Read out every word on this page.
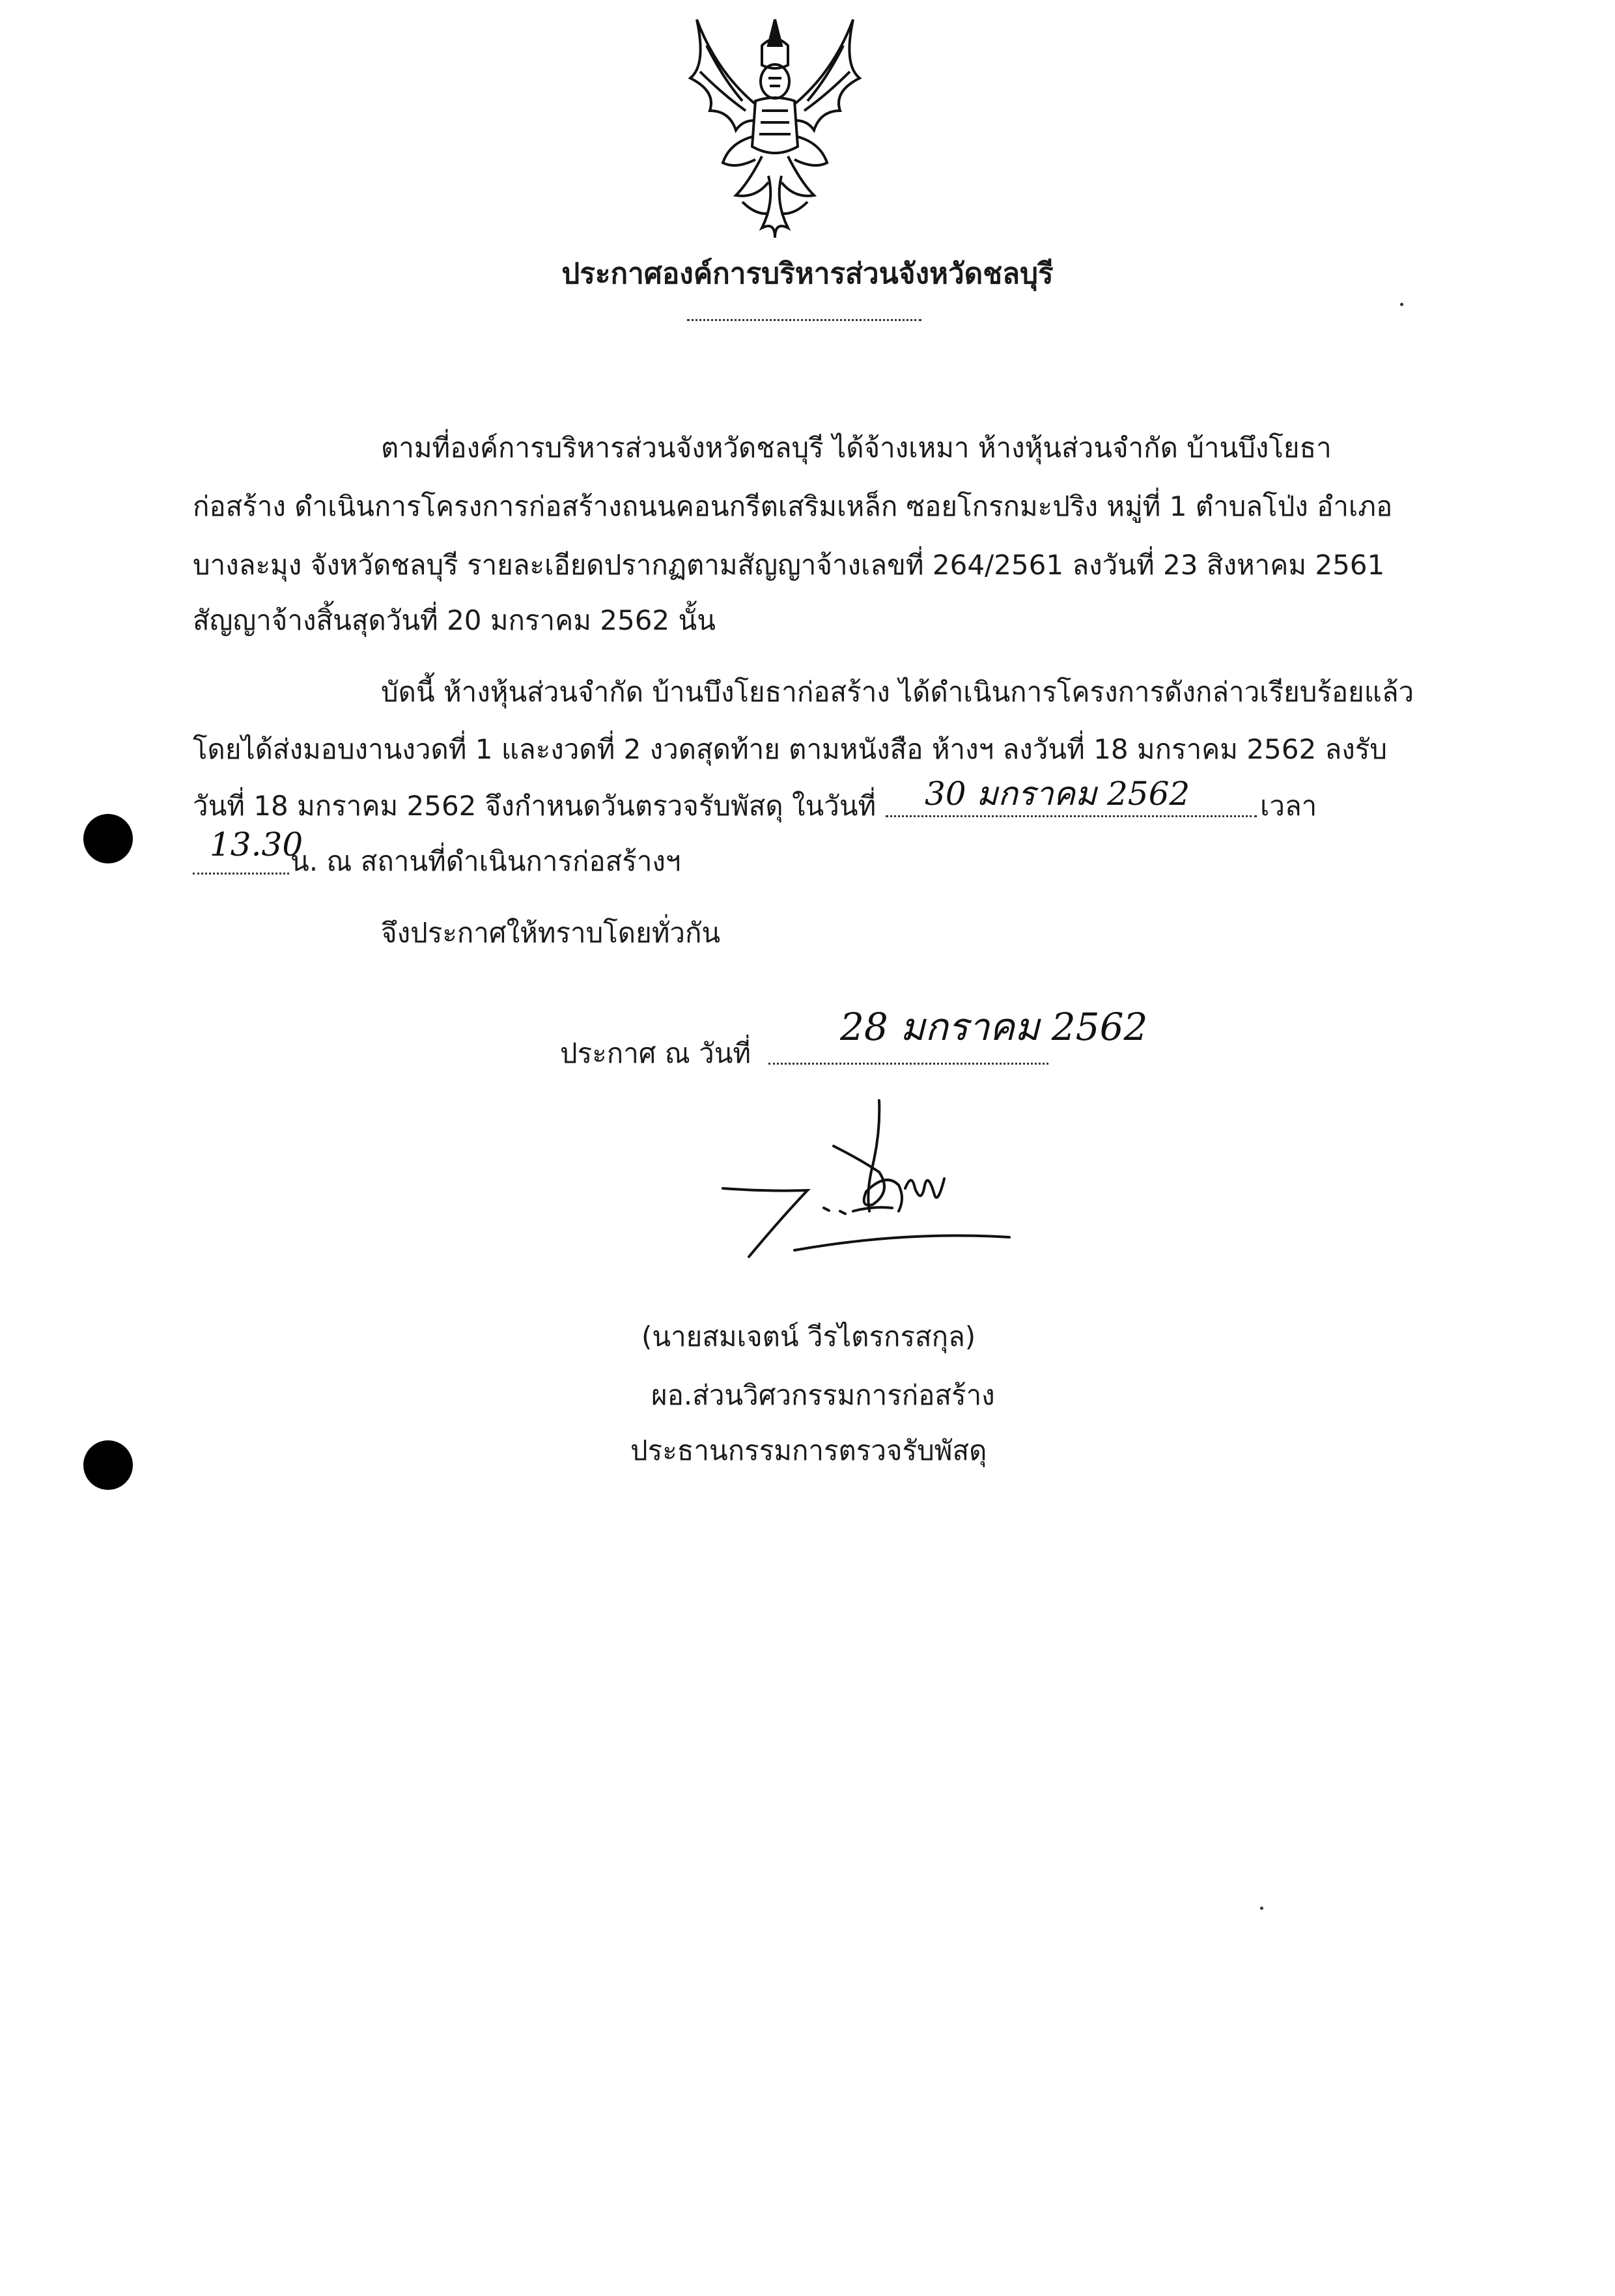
ประกาศองค์การบริหารส่วนจังหวัดชลบุรี
ตามที่องค์การบริหารส่วนจังหวัดชลบุรี ได้จ้างเหมา ห้างหุ้นส่วนจำกัด บ้านบึงโยธา
ก่อสร้าง ดำเนินการโครงการก่อสร้างถนนคอนกรีตเสริมเหล็ก ซอยโกรกมะปริง หมู่ที่ 1 ตำบลโป่ง อำเภอ
บางละมุง จังหวัดชลบุรี รายละเอียดปรากฏตามสัญญาจ้างเลขที่ 264/2561 ลงวันที่ 23 สิงหาคม 2561
สัญญาจ้างสิ้นสุดวันที่ 20 มกราคม 2562 นั้น
บัดนี้ ห้างหุ้นส่วนจำกัด บ้านบึงโยธาก่อสร้าง ได้ดำเนินการโครงการดังกล่าวเรียบร้อยแล้ว
โดยได้ส่งมอบงานงวดที่ 1 และงวดที่ 2 งวดสุดท้าย ตามหนังสือ ห้างฯ ลงวันที่ 18 มกราคม 2562 ลงรับ
วันที่ 18 มกราคม 2562 จึงกำหนดวันตรวจรับพัสดุ ในวันที่ 30 มกราคม 2562	เวลา
13.30
น. ณ สถานที่ดำเนินการก่อสร้างฯ
จึงประกาศให้ทราบโดยทั่วกัน
ประกาศ ณ วันที่
28 มกราคม 2562
(นายสมเจตน์ วีรไตรกรสกุล)
ผอ.ส่วนวิศวกรรมการก่อสร้าง
ประธานกรรมการตรวจรับพัสดุ
